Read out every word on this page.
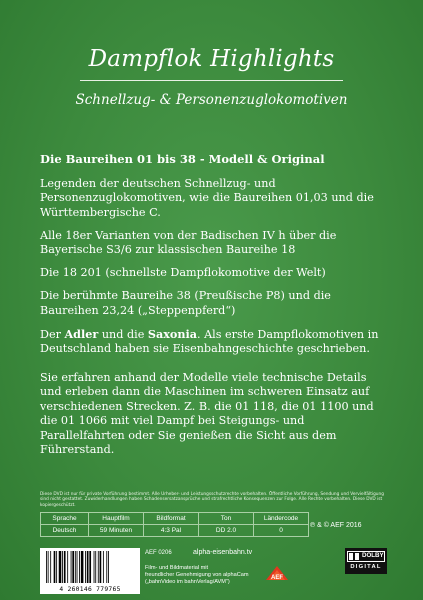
Dampflok Highlights
Schnellzug- & Personenzuglokomotiven
Die Baureihen 01 bis 38 - Modell & Original

Legenden der deutschen Schnellzug- und Personenzuglokomotiven, wie die Baureihen 01,03 und die Württembergische C.

Alle 18er Varianten von der Badischen IV h über die Bayerische S3/6 zur klassischen Baureihe 18

Die 18 201 (schnellste Dampflokomotive der Welt)

Die berühmte Baureihe 38 (Preußische P8) und die Baureihen 23,24 („Steppenpferd“)

Der Adler und die Saxonia. Als erste Dampflokomotiven in Deutschland haben sie Eisenbahngeschichte geschrieben.

Sie erfahren anhand der Modelle viele technische Details und erleben dann die Maschinen im schweren Einsatz auf verschiedenen Strecken. Z. B. die 01 118, die 01 1100 und die 01 1066 mit viel Dampf bei Steigungs- und Parallelfahrten oder Sie genießen die Sicht aus dem Führerstand.

Diese DVD ist nur für private Vorführung bestimmt. Alle Urheber- und Leistungsschutzrechte vorbehalten. Öffentliche Vorführung, Sendung und Vervielfältigung sind nicht gestattet. Zuwiderhandlungen haben Schadensersatzansprüche und strafrechtliche Konsequenzen zur Folge. Alle Rechte vorbehalten. Diese DVD ist kopiergeschützt.
Sprache	Hauptfilm	Bildformat	Ton	Ländercode
Deutsch	59 Minuten	4:3 Pal	DD 2.0	0
℗ & © AEF 2016
4 260146 779765
AEF 0206	alpha-eisenbahn.tv
Film- und Bildmaterial mit
freundlicher Genehmigung von alphaCam
(„bahnVideo im bahnVerlag/AVM“)
AEF
DOLBY
DIGITAL
